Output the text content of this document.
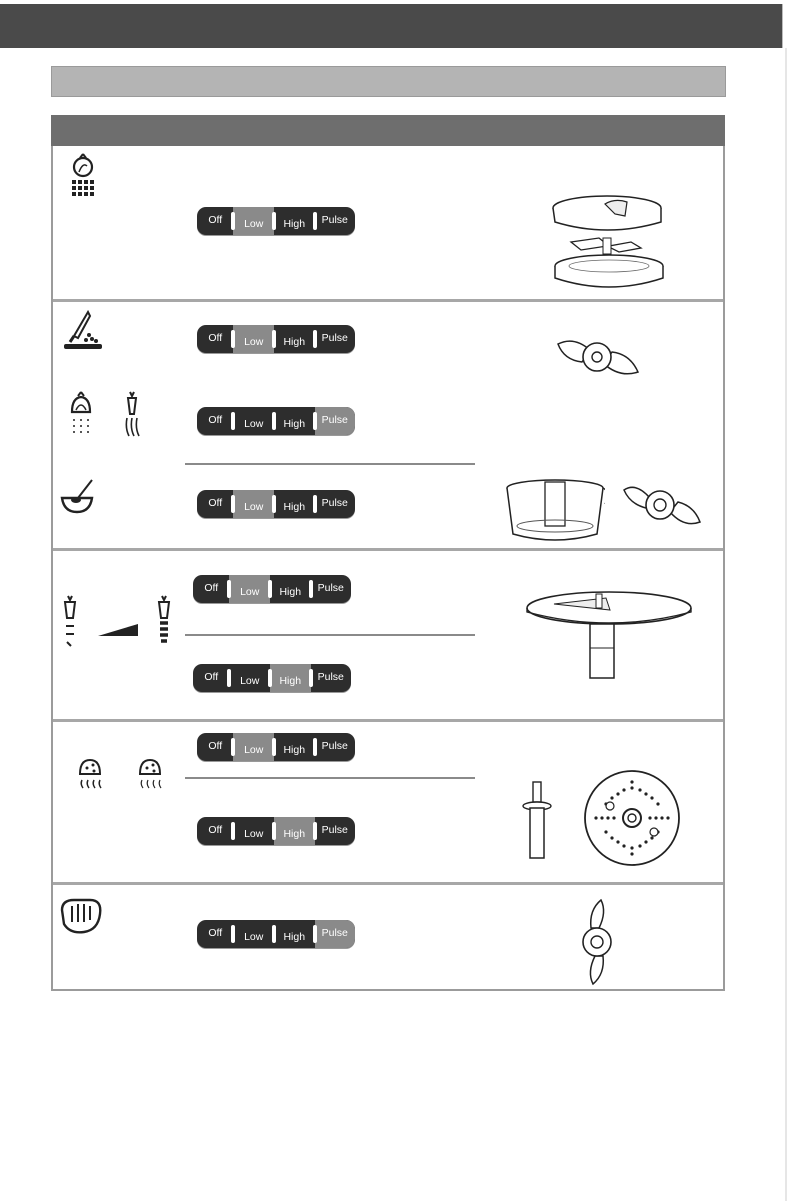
Off	Low	High	Pulse
Off	Low	High	Pulse
Off	Low	High	Pulse
Off	Low	High	Pulse
Off	Low	High	Pulse
Off	Low	High	Pulse
Off	Low	High	Pulse
Off	Low	High	Pulse
Off	Low	High	Pulse
